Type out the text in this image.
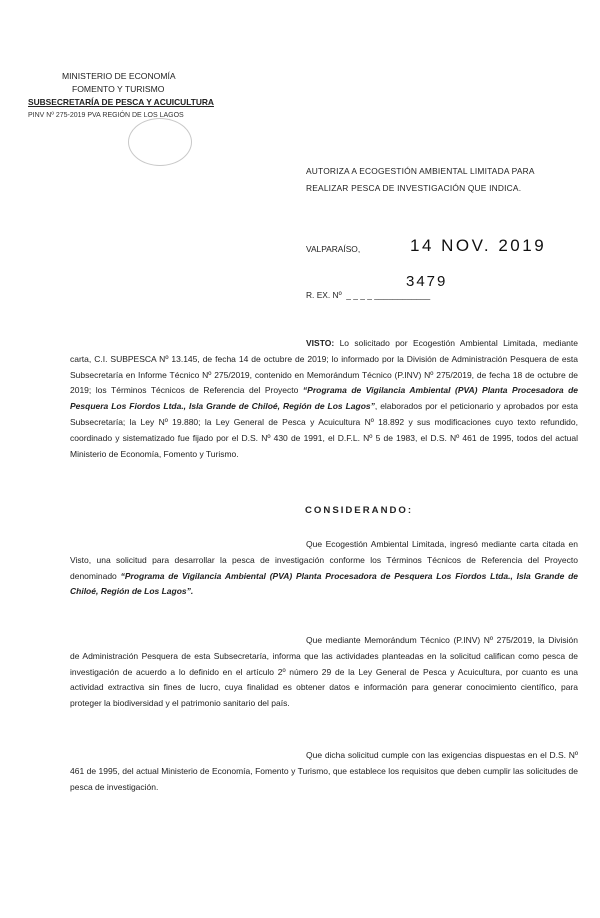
MINISTERIO DE ECONOMÍA
FOMENTO Y TURISMO
SUBSECRETARÍA DE PESCA Y ACUICULTURA
PINV Nº 275-2019 PVA REGIÓN DE LOS LAGOS
AUTORIZA A ECOGESTIÓN AMBIENTAL LIMITADA PARA REALIZAR PESCA DE INVESTIGACIÓN QUE INDICA.
VALPARAÍSO,	14 NOV. 2019
R. EX. Nº  _ _ _ _ ____________
3479

VISTO: Lo solicitado por Ecogestión Ambiental Limitada, mediante carta, C.I. SUBPESCA Nº 13.145, de fecha 14 de octubre de 2019; lo informado por la División de Administración Pesquera de esta Subsecretaría en Informe Técnico Nº 275/2019, contenido en Memorándum Técnico (P.INV) Nº 275/2019, de fecha 18 de octubre de 2019; los Términos Técnicos de Referencia del Proyecto “Programa de Vigilancia Ambiental (PVA) Planta Procesadora de Pesquera Los Fiordos Ltda., Isla Grande de Chiloé, Región de Los Lagos”, elaborados por el peticionario y aprobados por esta Subsecretaría; la Ley Nº 19.880; la Ley General de Pesca y Acuicultura Nº 18.892 y sus modificaciones cuyo texto refundido, coordinado y sistematizado fue fijado por el D.S. Nº 430 de 1991, el D.F.L. Nº 5 de 1983, el D.S. Nº 461 de 1995, todos del actual Ministerio de Economía, Fomento y Turismo.

CONSIDERANDO:

Que Ecogestión Ambiental Limitada, ingresó mediante carta citada en Visto, una solicitud para desarrollar la pesca de investigación conforme los Términos Técnicos de Referencia del Proyecto denominado “Programa de Vigilancia Ambiental (PVA) Planta Procesadora de Pesquera Los Fiordos Ltda., Isla Grande de Chiloé, Región de Los Lagos”.

Que mediante Memorándum Técnico (P.INV) Nº 275/2019, la División de Administración Pesquera de esta Subsecretaría, informa que las actividades planteadas en la solicitud califican como pesca de investigación de acuerdo a lo definido en el artículo 2º número 29 de la Ley General de Pesca y Acuicultura, por cuanto es una actividad extractiva sin fines de lucro, cuya finalidad es obtener datos e información para generar conocimiento científico, para proteger la biodiversidad y el patrimonio sanitario del país.

Que dicha solicitud cumple con las exigencias dispuestas en el D.S. Nº 461 de 1995, del actual Ministerio de Economía, Fomento y Turismo, que establece los requisitos que deben cumplir las solicitudes de pesca de investigación.
